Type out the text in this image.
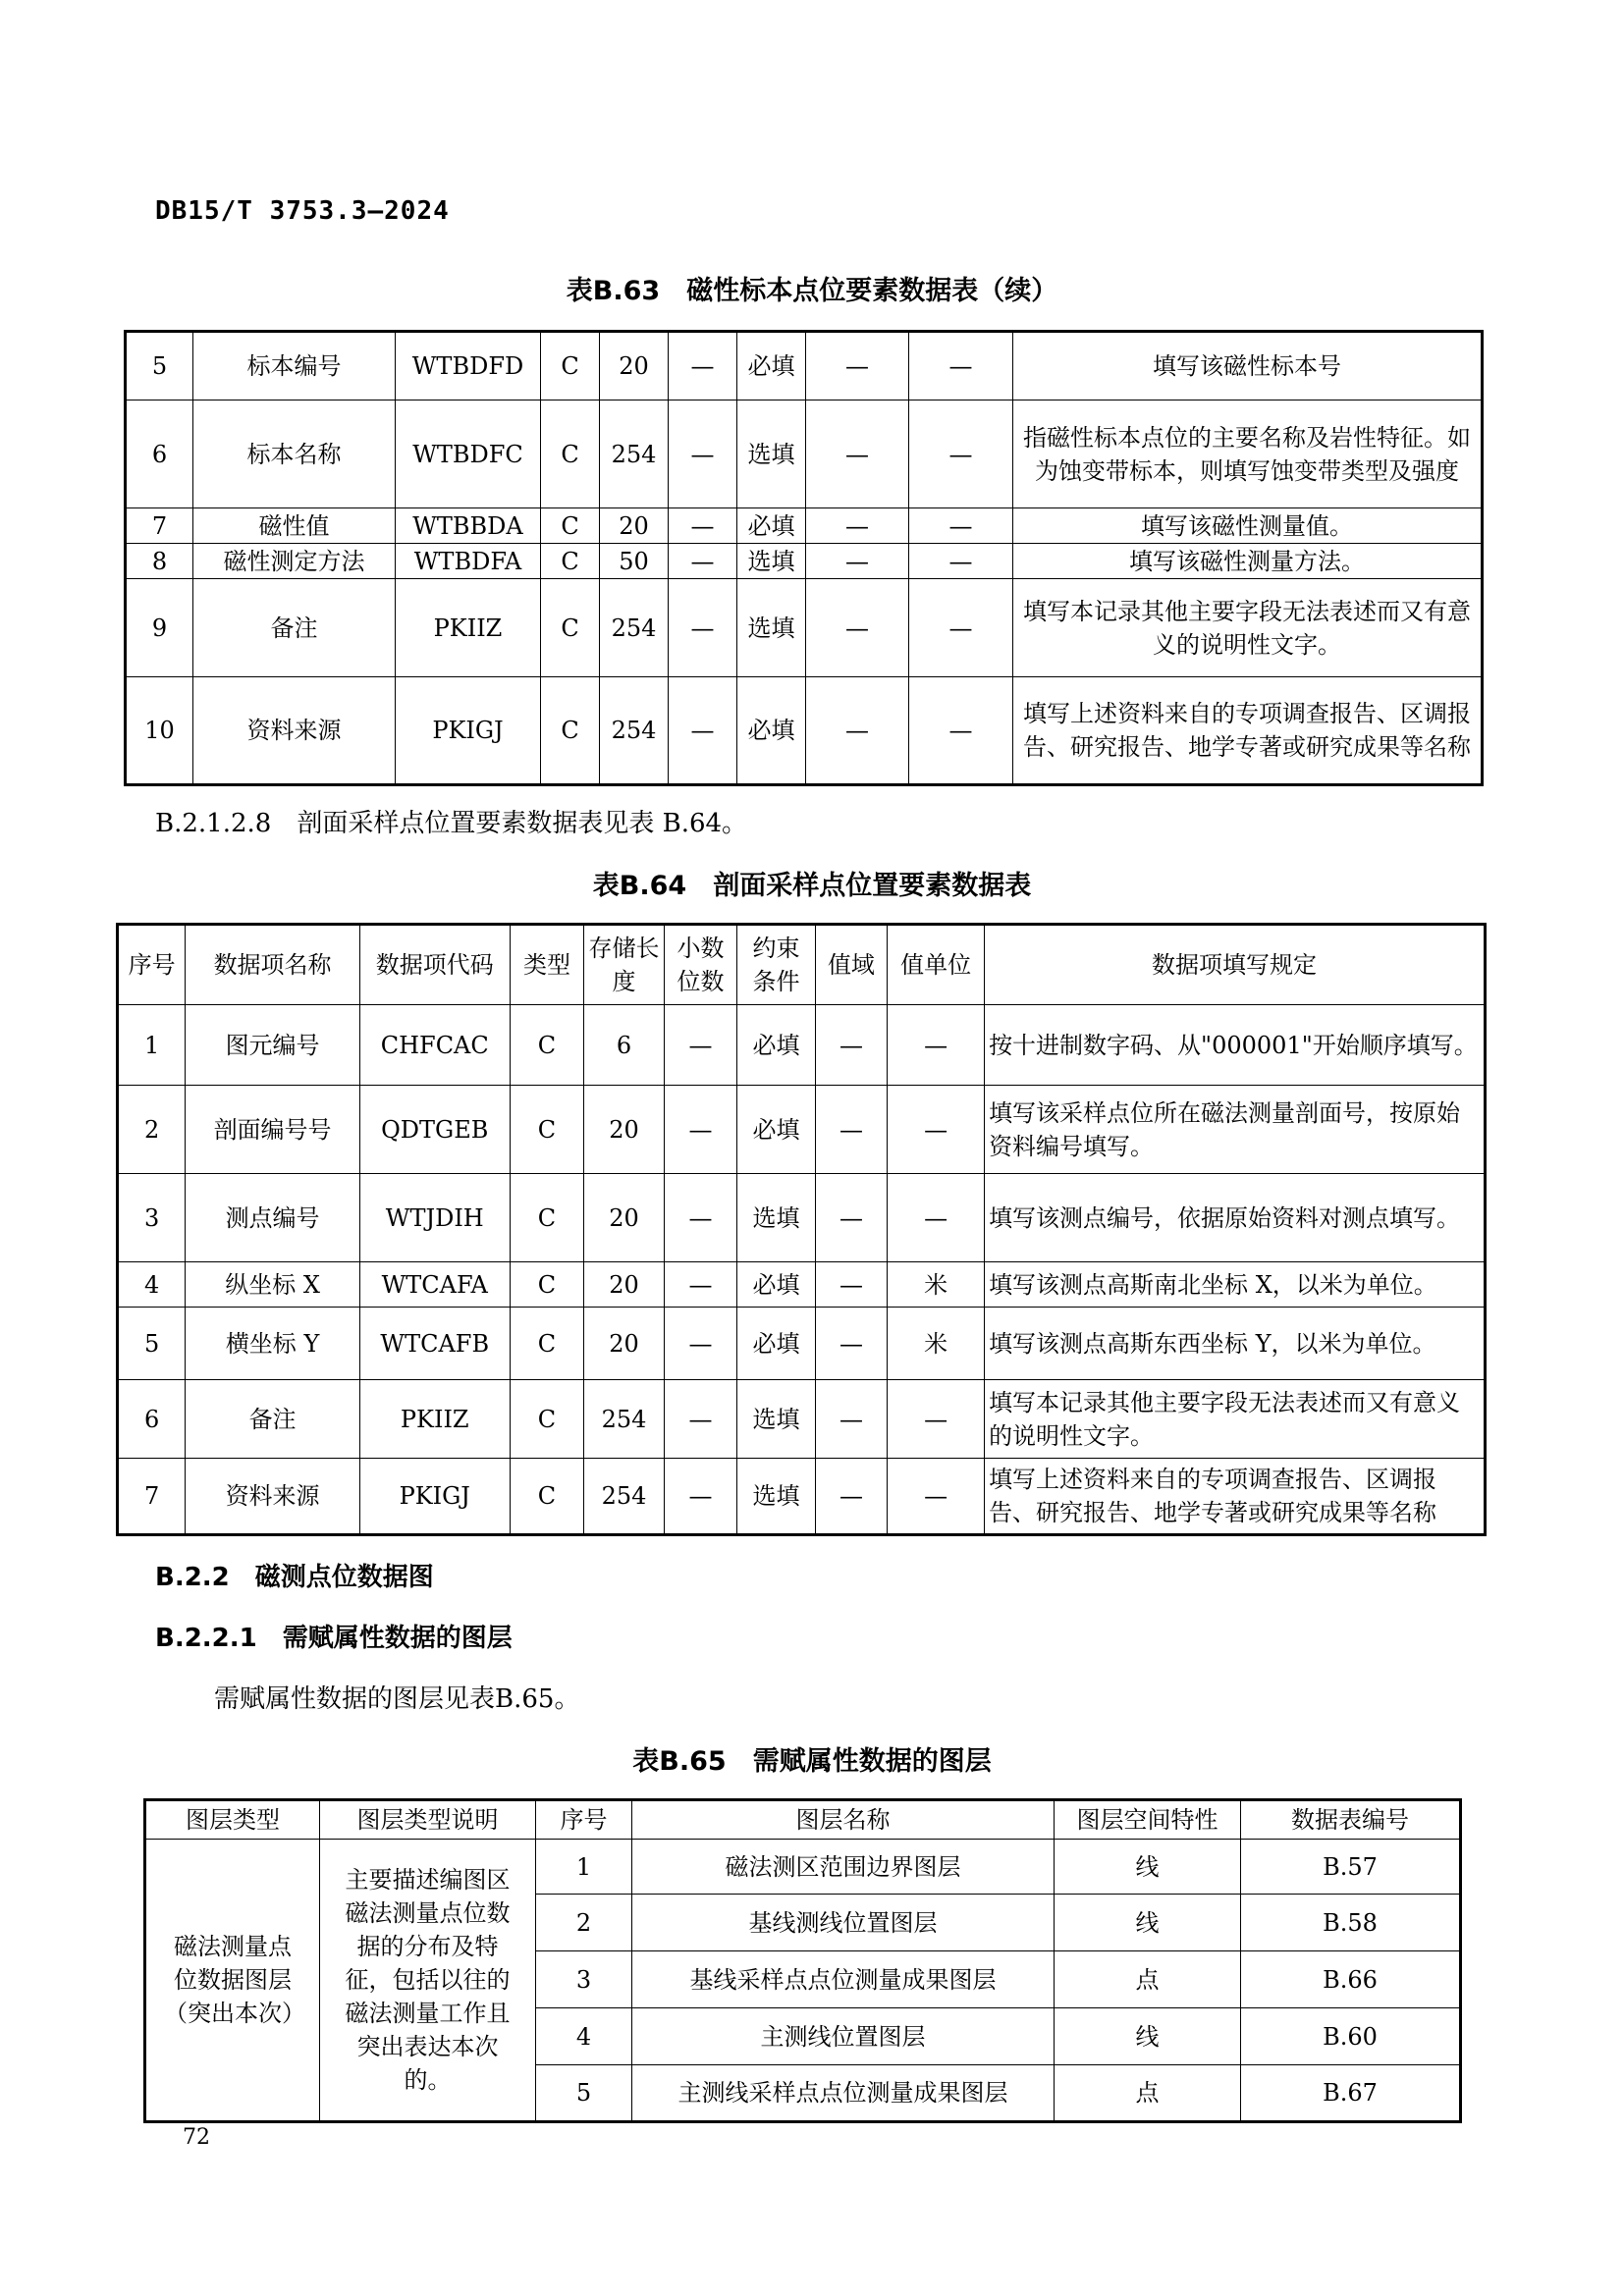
DB15/T 3753.3—2024
表B.63　磁性标本点位要素数据表（续）
5	标本编号	WTBDFD	C	20	—	必填	—	—	填写该磁性标本号
6	标本名称	WTBDFC	C	254	—	选填	—	—	指磁性标本点位的主要名称及岩性特征。如为蚀变带标本，则填写蚀变带类型及强度
7	磁性值	WTBBDA	C	20	—	必填	—	—	填写该磁性测量值。
8	磁性测定方法	WTBDFA	C	50	—	选填	—	—	填写该磁性测量方法。
9	备注	PKIIZ	C	254	—	选填	—	—	填写本记录其他主要字段无法表述而又有意义的说明性文字。
10	资料来源	PKIGJ	C	254	—	必填	—	—	填写上述资料来自的专项调查报告、区调报告、研究报告、地学专著或研究成果等名称
B.2.1.2.8　剖面采样点位置要素数据表见表 B.64。
表B.64　剖面采样点位置要素数据表
序号	数据项名称	数据项代码	类型	存储长度	小数位数	约束条件	值域	值单位	数据项填写规定
1	图元编号	CHFCAC	C	6	—	必填	—	—	按十进制数字码、从"000001"开始顺序填写。
2	剖面编号号	QDTGEB	C	20	—	必填	—	—	填写该采样点位所在磁法测量剖面号，按原始资料编号填写。
3	测点编号	WTJDIH	C	20	—	选填	—	—	填写该测点编号，依据原始资料对测点填写。
4	纵坐标 X	WTCAFA	C	20	—	必填	—	米	填写该测点高斯南北坐标 X，以米为单位。
5	横坐标 Y	WTCAFB	C	20	—	必填	—	米	填写该测点高斯东西坐标 Y，以米为单位。
6	备注	PKIIZ	C	254	—	选填	—	—	填写本记录其他主要字段无法表述而又有意义的说明性文字。
7	资料来源	PKIGJ	C	254	—	选填	—	—	填写上述资料来自的专项调查报告、区调报告、研究报告、地学专著或研究成果等名称
B.2.2　磁测点位数据图
B.2.2.1　需赋属性数据的图层
需赋属性数据的图层见表B.65。
表B.65　需赋属性数据的图层
图层类型	图层类型说明	序号	图层名称	图层空间特性	数据表编号
磁法测量点位数据图层（突出本次）	主要描述编图区磁法测量点位数据的分布及特征，包括以往的磁法测量工作且突出表达本次的。	1	磁法测区范围边界图层	线	B.57
		2	基线测线位置图层	线	B.58
		3	基线采样点点位测量成果图层	点	B.66
		4	主测线位置图层	线	B.60
		5	主测线采样点点位测量成果图层	点	B.67
72
